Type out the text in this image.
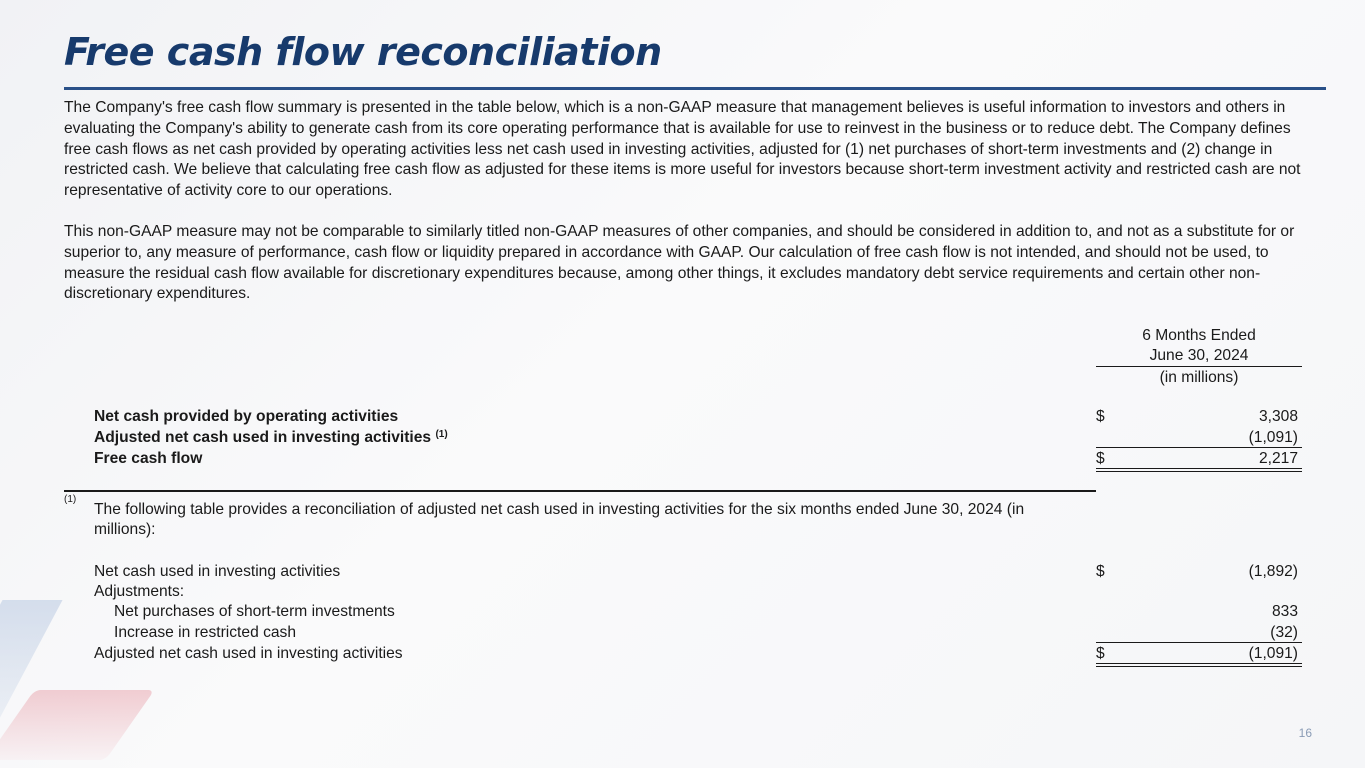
Free cash flow reconciliation

The Company's free cash flow summary is presented in the table below, which is a non-GAAP measure that management believes is useful information to investors and others in evaluating the Company's ability to generate cash from its core operating performance that is available for use to reinvest in the business or to reduce debt. The Company defines free cash flows as net cash provided by operating activities less net cash used in investing activities, adjusted for (1) net purchases of short-term investments and (2) change in restricted cash. We believe that calculating free cash flow as adjusted for these items is more useful for investors because short-term investment activity and restricted cash are not representative of activity core to our operations.

This non-GAAP measure may not be comparable to similarly titled non-GAAP measures of other companies, and should be considered in addition to, and not as a substitute for or superior to, any measure of performance, cash flow or liquidity prepared in accordance with GAAP. Our calculation of free cash flow is not intended, and should not be used, to measure the residual cash flow available for discretionary expenditures because, among other things, it excludes mandatory debt service requirements and certain other non-discretionary expenditures.

6 Months Ended
June 30, 2024
(in millions)
Net cash provided by operating activities	$	3,308
Adjusted net cash used in investing activities $^{(1)}$	(1,091)
Free cash flow	$	2,217
(1)

The following table provides a reconciliation of adjusted net cash used in investing activities for the six months ended June 30, 2024 (in millions):

Net cash used in investing activities	$	(1,892)
Adjustments:
Net purchases of short-term investments	833
Increase in restricted cash	(32)
Adjusted net cash used in investing activities	$	(1,091)
16
